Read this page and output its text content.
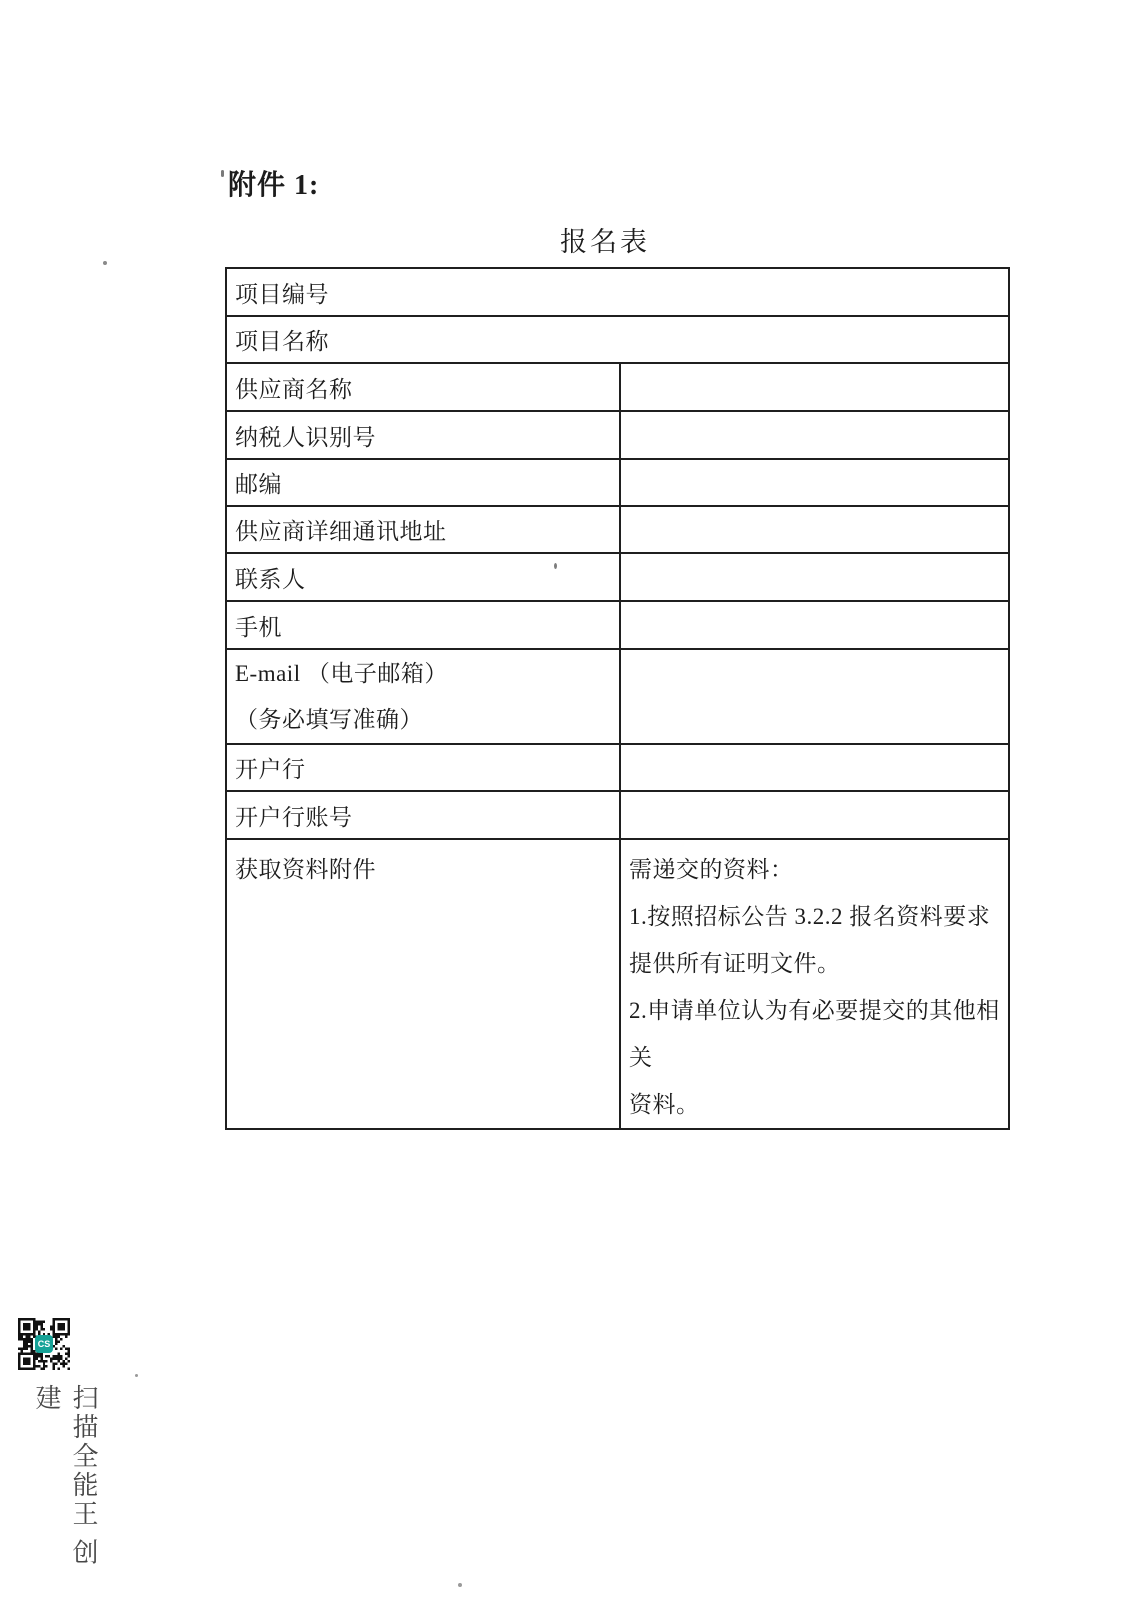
附件 1:
报名表
项目编号	
项目名称	
供应商名称	
纳税人识别号	
邮编	
供应商详细通讯地址	
联系人	
手机	

E-mail （电子邮箱）
（务必填写准确）	

开户行	
开户行账号	

获取资料附件	需递交的资料：
1.按照招标公告 3.2.2 报名资料要求
提供所有证明文件。
2.申请单位认为有必要提交的其他相关
资料。
CS
扫描全能王 创建
